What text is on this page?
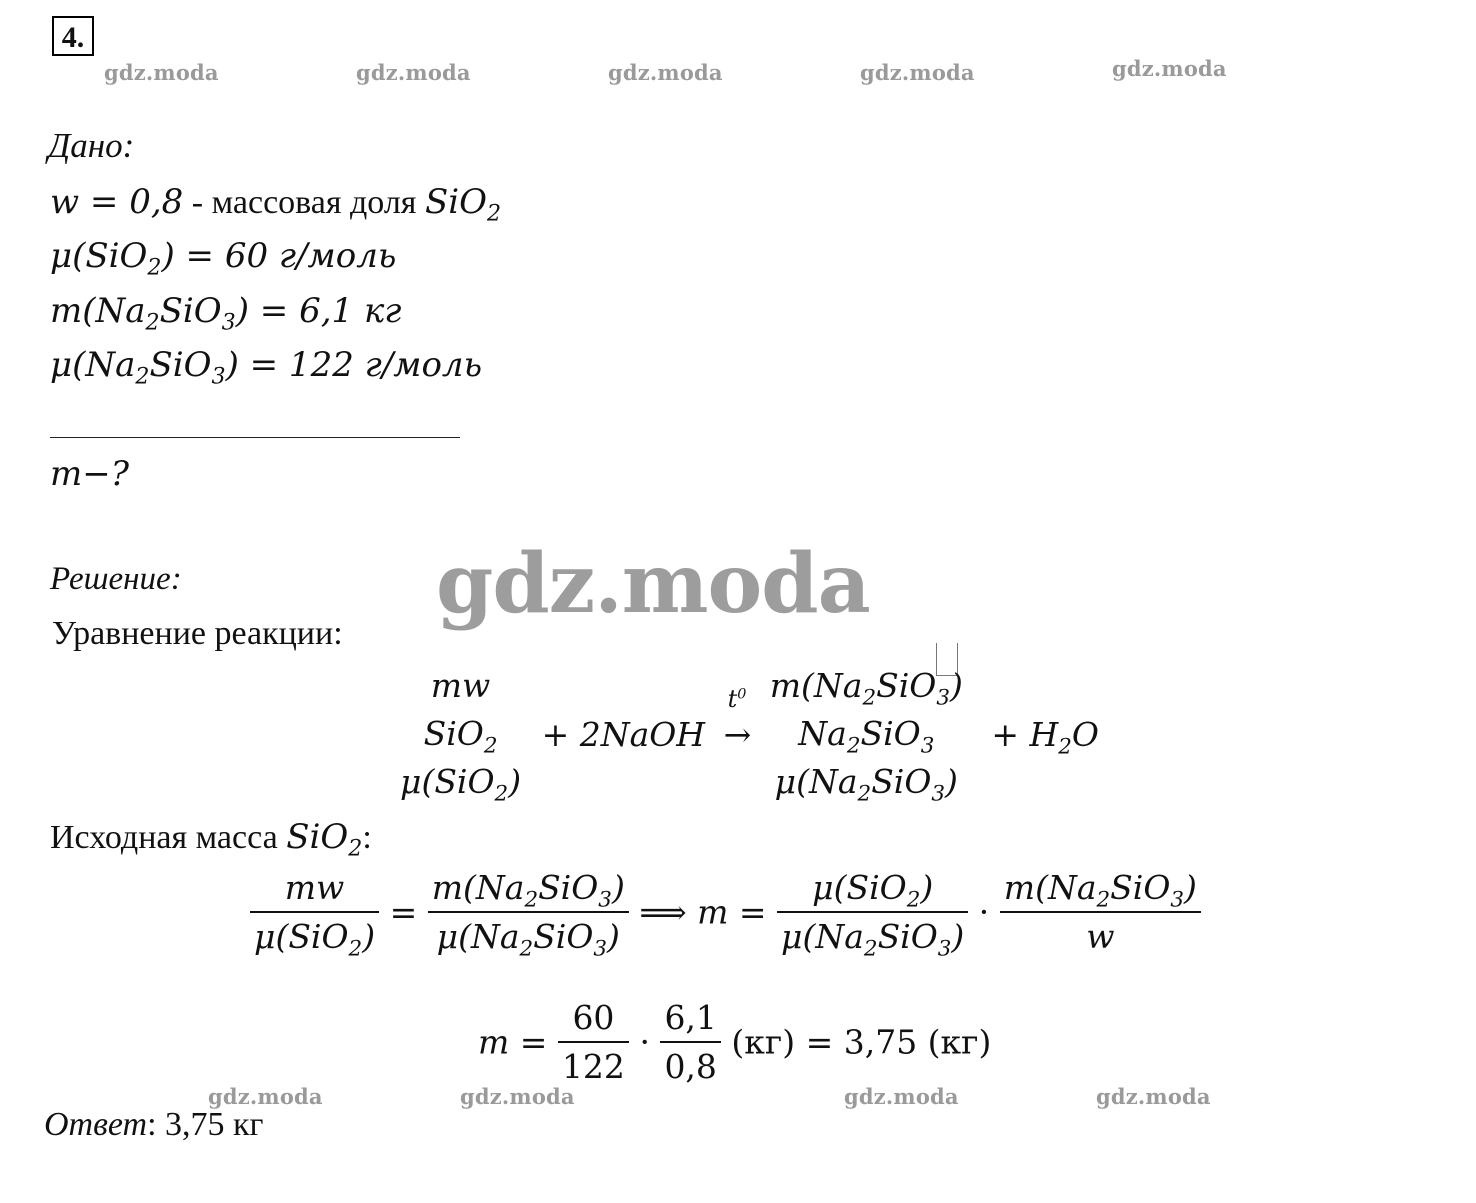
4.
gdz.moda	gdz.moda	gdz.moda	gdz.moda	gdz.moda
Дано:
w = 0,8 - массовая доля SiO$_2$
μ(SiO$_2$) = 60 г/моль
$m(Na_2SiO_3) = 6,1$ кг
$\mu(Na_2SiO_3) = 122$ г/моль
m−?
Решение:	gdz.moda
Уравнение реакции:
mw
SiO$_2$
μ(SiO$_2$)
+ 2NaOH
$t^0$
→
$m(Na_2SiO_3)$
$Na_2SiO_3$
$\mu(Na_2SiO_3)$
+ $H_2O$
Исходная масса SiO$_2$:
$\frac{mw}{\mu(SiO_2)} = \frac{m(Na_2SiO_3)}{\mu(Na_2SiO_3)}$ ⟹ $m = \frac{\mu(SiO_2)}{\mu(Na_2SiO_3)} \cdot \frac{m(Na_2SiO_3)}{w}$
$m = \frac{60}{122} \cdot \frac{6,1}{0,8} (кг) = 3,75$ (кг)
gdz.moda	gdz.moda	gdz.moda	gdz.moda
Ответ: 3,75 кг
